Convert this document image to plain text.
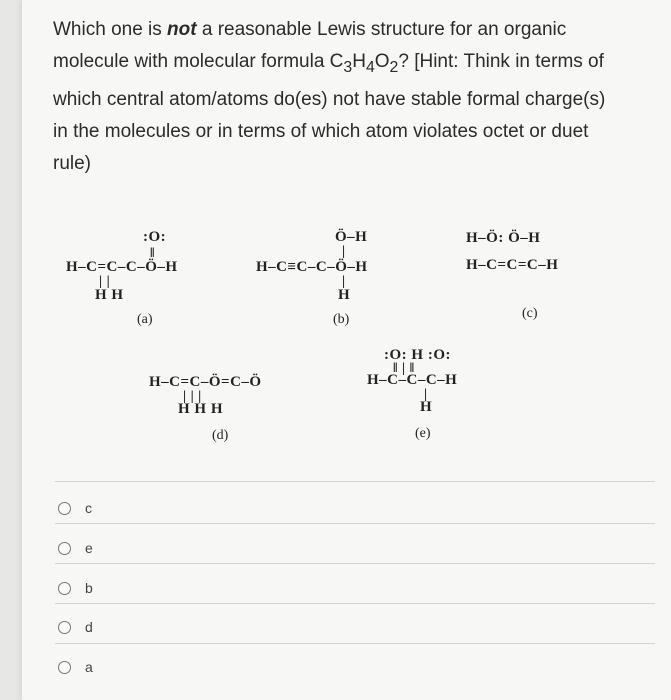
Which one is not a reasonable Lewis structure for an organic molecule with molecular formula $C_3H_4O_2$? [Hint: Think in terms of which central atom/atoms do(es) not have stable formal charge(s) in the molecules or in terms of which atom violates octet or duet rule)
:O:
‖
H–C=C–C–Ö–H
| |
H H
(a)
Ö–H
|
H–C≡C–C–Ö–H
|
H
(b)
H–Ö: Ö–H
H–C=C=C–H
(c)
H–C=C–Ö=C–Ö
| | |
H H H
(d)
:O: H :O:
‖ | ‖
H–C–C–C–H
|
H
(e)
c
e
b
d
a
